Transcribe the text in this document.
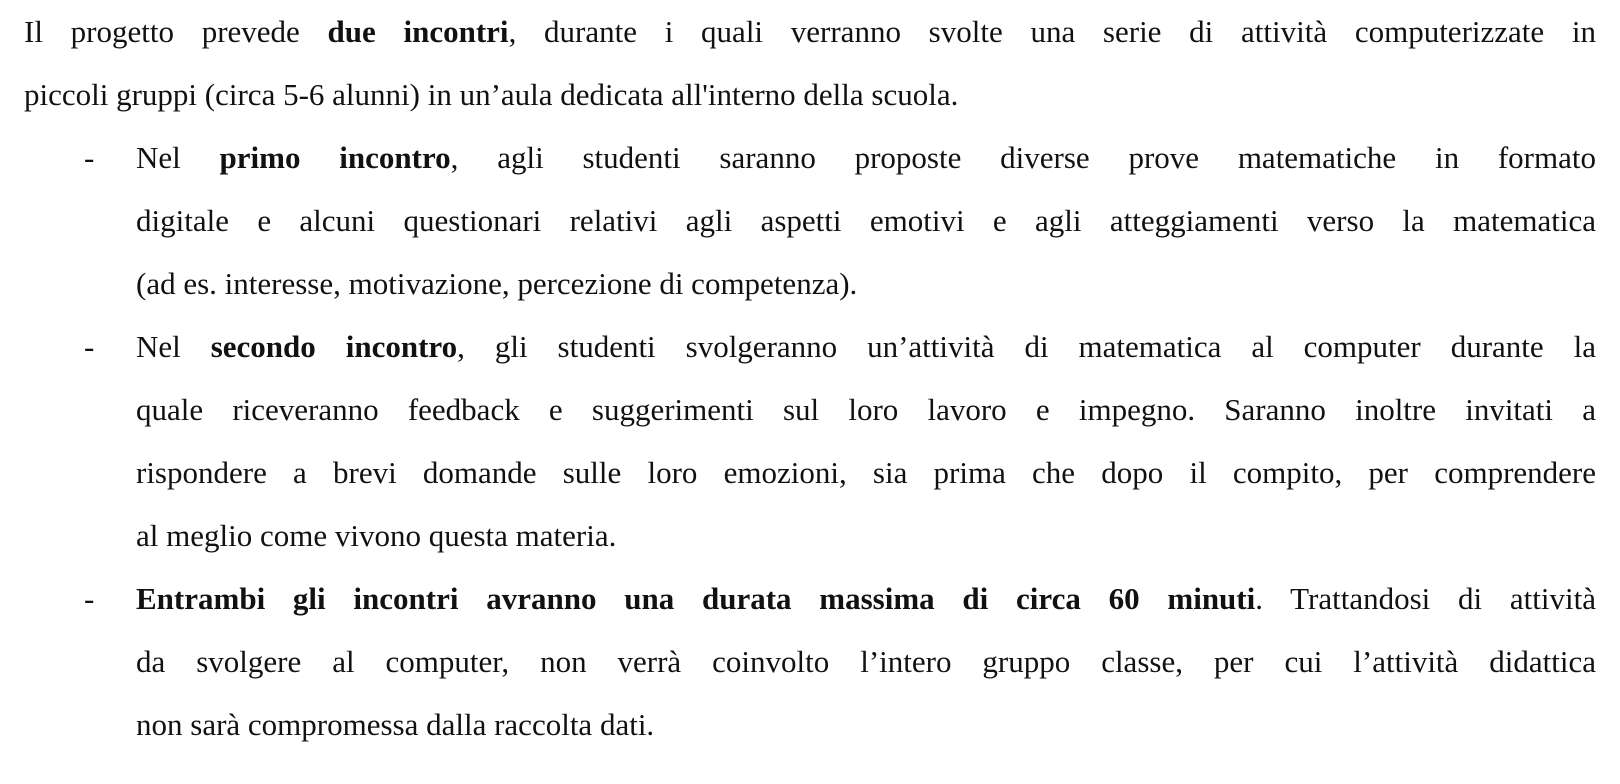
Il progetto prevede due incontri, durante i quali verranno svolte una serie di attività computerizzate in
piccoli gruppi (circa 5-6 alunni) in un’aula dedicata all'interno della scuola.

- Nel primo incontro, agli studenti saranno proposte diverse prove matematiche in formato
digitale e alcuni questionari relativi agli aspetti emotivi e agli atteggiamenti verso la matematica
(ad es. interesse, motivazione, percezione di competenza).
- Nel secondo incontro, gli studenti svolgeranno un’attività di matematica al computer durante la
quale riceveranno feedback e suggerimenti sul loro lavoro e impegno. Saranno inoltre invitati a
rispondere a brevi domande sulle loro emozioni, sia prima che dopo il compito, per comprendere
al meglio come vivono questa materia.
- Entrambi gli incontri avranno una durata massima di circa 60 minuti. Trattandosi di attività
da svolgere al computer, non verrà coinvolto l’intero gruppo classe, per cui l’attività didattica
non sarà compromessa dalla raccolta dati.
